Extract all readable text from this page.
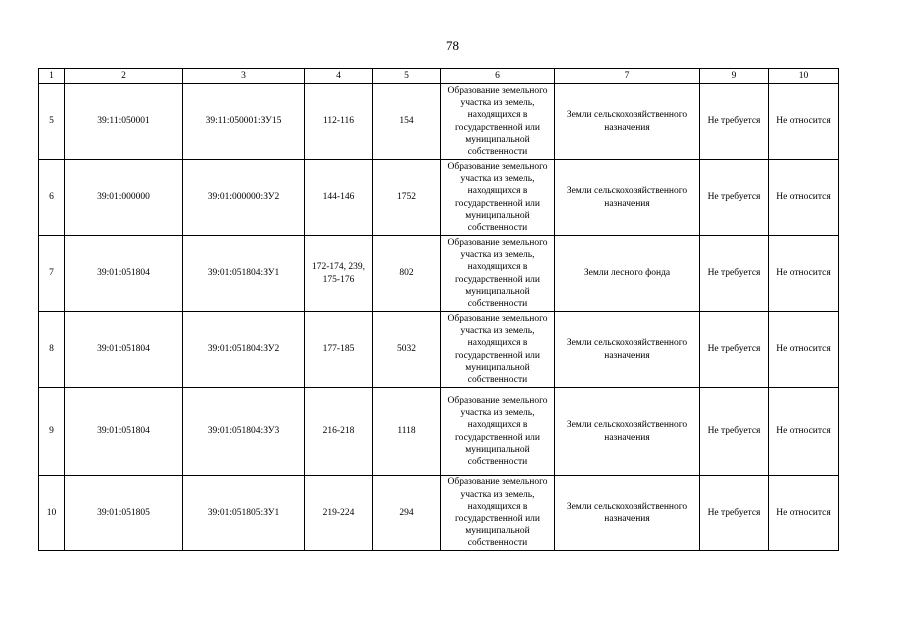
78
1	2	3	4	5	6	7	9	10
5	39:11:050001	39:11:050001:ЗУ15	112-116	154	Образование земельного участка из земель, находящихся в государственной или муниципальной собственности	Земли сельскохозяйственного назначения	Не требуется	Не относится
6	39:01:000000	39:01:000000:ЗУ2	144-146	1752	Образование земельного участка из земель, находящихся в государственной или муниципальной собственности	Земли сельскохозяйственного назначения	Не требуется	Не относится
7	39:01:051804	39:01:051804:ЗУ1	172-174, 239, 175-176	802	Образование земельного участка из земель, находящихся в государственной или муниципальной собственности	Земли лесного фонда	Не требуется	Не относится
8	39:01:051804	39:01:051804:ЗУ2	177-185	5032	Образование земельного участка из земель, находящихся в государственной или муниципальной собственности	Земли сельскохозяйственного назначения	Не требуется	Не относится
9	39:01:051804	39:01:051804:ЗУ3	216-218	1118	Образование земельного участка из земель, находящихся в государственной или муниципальной собственности	Земли сельскохозяйственного назначения	Не требуется	Не относится
10	39:01:051805	39:01:051805:ЗУ1	219-224	294	Образование земельного участка из земель, находящихся в государственной или муниципальной собственности	Земли сельскохозяйственного назначения	Не требуется	Не относится
